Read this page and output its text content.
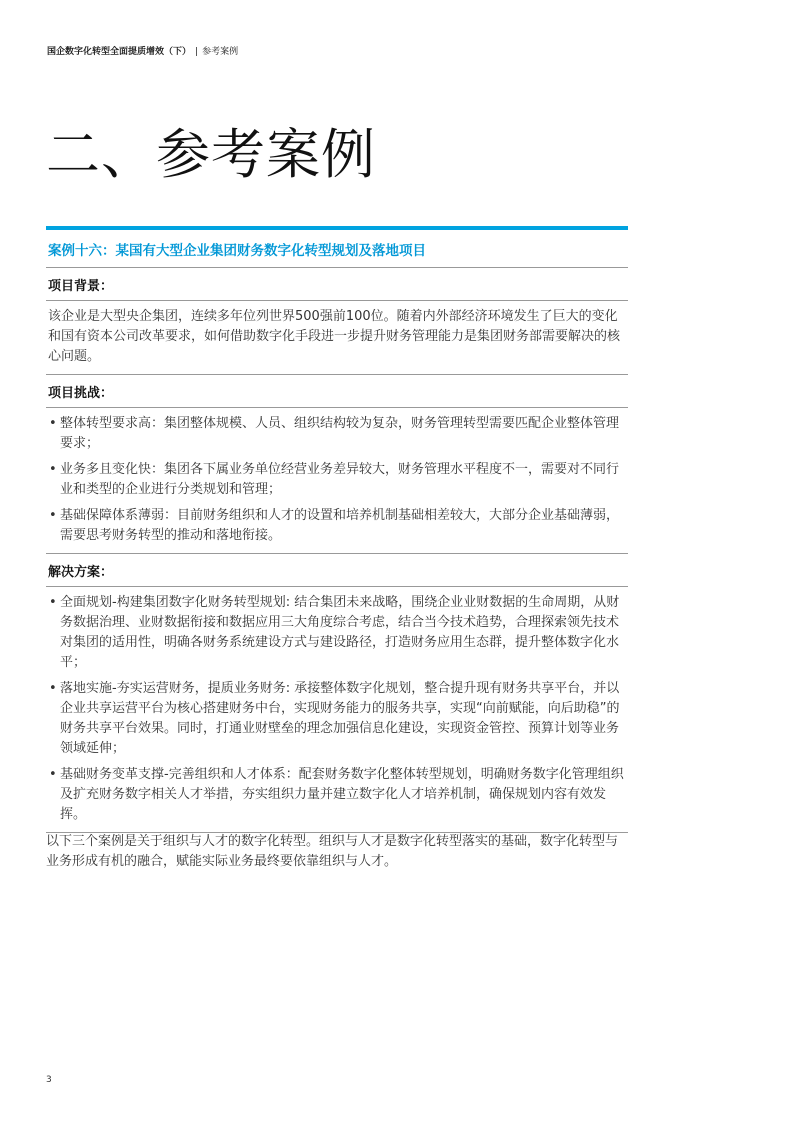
国企数字化转型全面提质增效（下） | 参考案例
二、参考案例
案例十六：某国有大型企业集团财务数字化转型规划及落地项目
项目背景：

该企业是大型央企集团，连续多年位列世界500强前100位。随着内外部经济环境发生了巨大的变化和国有资本公司改革要求，如何借助数字化手段进一步提升财务管理能力是集团财务部需要解决的核心问题。

项目挑战：
• 整体转型要求高：集团整体规模、人员、组织结构较为复杂，财务管理转型需要匹配企业整体管理要求；
• 业务多且变化快：集团各下属业务单位经营业务差异较大，财务管理水平程度不一，需要对不同行业和类型的企业进行分类规划和管理；
• 基础保障体系薄弱：目前财务组织和人才的设置和培养机制基础相差较大，大部分企业基础薄弱，需要思考财务转型的推动和落地衔接。
解决方案：
• 全面规划-构建集团数字化财务转型规划: 结合集团未来战略，围绕企业业财数据的生命周期，从财务数据治理、业财数据衔接和数据应用三大角度综合考虑，结合当今技术趋势，合理探索领先技术对集团的适用性，明确各财务系统建设方式与建设路径，打造财务应用生态群，提升整体数字化水平；
• 落地实施-夯实运营财务，提质业务财务: 承接整体数字化规划，整合提升现有财务共享平台，并以企业共享运营平台为核心搭建财务中台，实现财务能力的服务共享，实现“向前赋能，向后助稳”的财务共享平台效果。同时，打通业财壁垒的理念加强信息化建设，实现资金管控、预算计划等业务领域延伸；
• 基础财务变革支撑-完善组织和人才体系：配套财务数字化整体转型规划，明确财务数字化管理组织及扩充财务数字相关人才举措，夯实组织力量并建立数字化人才培养机制，确保规划内容有效发挥。
以下三个案例是关于组织与人才的数字化转型。组织与人才是数字化转型落实的基础，数字化转型与业务形成有机的融合，赋能实际业务最终要依靠组织与人才。
3
